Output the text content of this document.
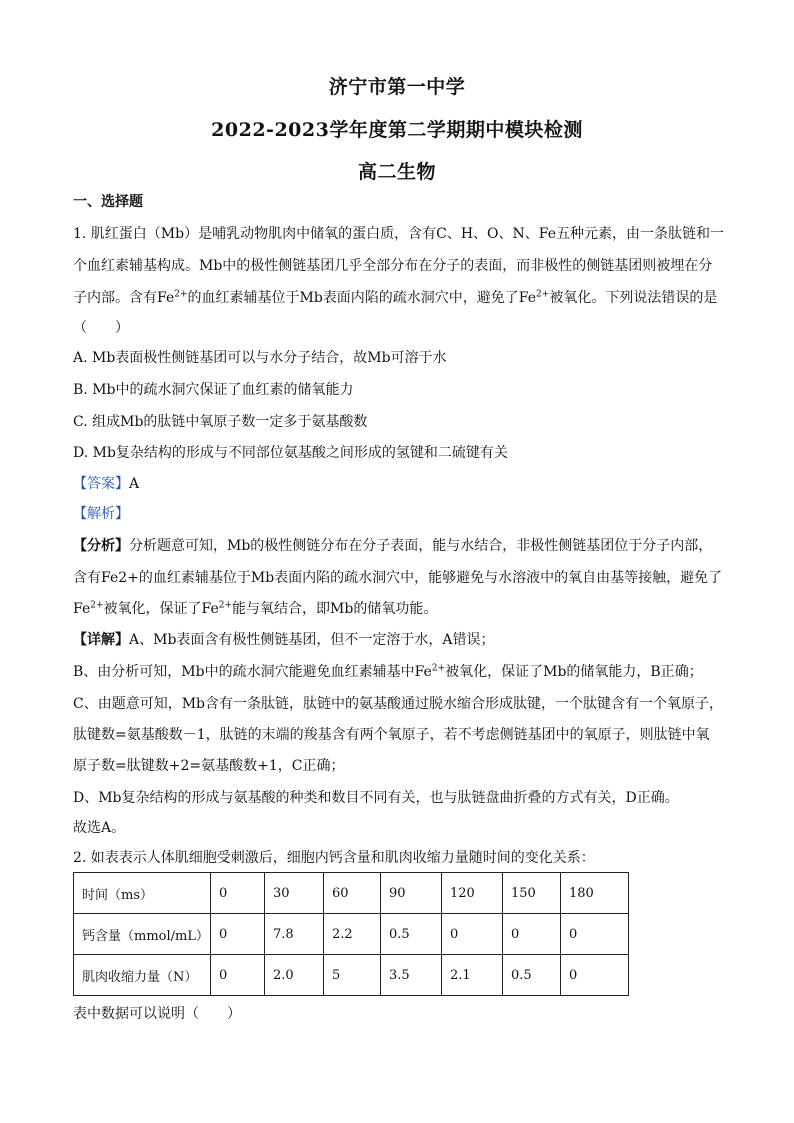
济宁市第一中学
2022-2023学年度第二学期期中模块检测
高二生物
一、选择题
1. 肌红蛋白（Mb）是哺乳动物肌肉中储氧的蛋白质，含有C、H、O、N、Fe五种元素，由一条肽链和一
个血红素辅基构成。Mb中的极性侧链基团几乎全部分布在分子的表面，而非极性的侧链基团则被埋在分
子内部。含有$Fe^{2+}$的血红素辅基位于Mb表面内陷的疏水洞穴中，避免了$Fe^{2+}$被氧化。下列说法错误的是
（　　）
A. Mb表面极性侧链基团可以与水分子结合，故Mb可溶于水
B. Mb中的疏水洞穴保证了血红素的储氧能力
C. 组成Mb的肽链中氧原子数一定多于氨基酸数
D. Mb复杂结构的形成与不同部位氨基酸之间形成的氢键和二硫键有关
【答案】A
【解析】
【分析】分析题意可知，Mb的极性侧链分布在分子表面，能与水结合，非极性侧链基团位于分子内部，
含有Fe2+的血红素辅基位于Mb表面内陷的疏水洞穴中，能够避免与水溶液中的氧自由基等接触，避免了
$Fe^{2+}$被氧化，保证了$Fe^{2+}$能与氧结合，即Mb的储氧功能。
【详解】A、Mb表面含有极性侧链基团，但不一定溶于水，A错误；
B、由分析可知，Mb中的疏水洞穴能避免血红素辅基中$Fe^{2+}$被氧化，保证了Mb的储氧能力，B正确；
C、由题意可知，Mb含有一条肽链，肽链中的氨基酸通过脱水缩合形成肽键，一个肽键含有一个氧原子，
肽键数=氨基酸数－1，肽链的末端的羧基含有两个氧原子，若不考虑侧链基团中的氧原子，则肽链中氧
原子数=肽键数+2=氨基酸数+1，C正确；
D、Mb复杂结构的形成与氨基酸的种类和数目不同有关，也与肽链盘曲折叠的方式有关，D正确。
故选A。
2. 如表表示人体肌细胞受刺激后，细胞内钙含量和肌肉收缩力量随时间的变化关系：
时间（ms）	0	30	60	90	120	150	180
钙含量（mmol/mL）	0	7.8	2.2	0.5	0	0	0
肌肉收缩力量（N）	0	2.0	5	3.5	2.1	0.5	0
表中数据可以说明（　　）
